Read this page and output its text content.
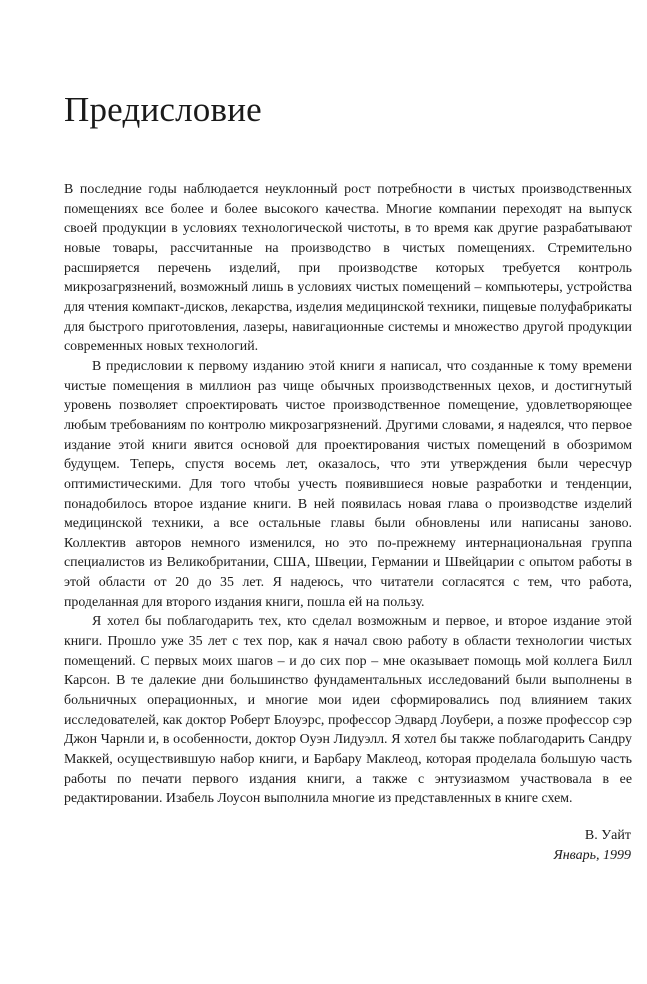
Предисловие

В последние годы наблюдается неуклонный рост потребности в чистых производственных помещениях все более и более высокого качества. Многие компании переходят на выпуск своей продукции в условиях технологической чистоты, в то время как другие разрабатывают новые товары, рассчитанные на производство в чистых помещениях. Стремительно расширяется перечень изделий, при производстве которых требуется контроль микрозагрязнений, возможный лишь в условиях чистых помещений – компьютеры, устройства для чтения компакт-дисков, лекарства, изделия медицинской техники, пищевые полуфабрикаты для быстрого приготовления, лазеры, навигационные системы и множество другой продукции современных новых технологий.

В предисловии к первому изданию этой книги я написал, что созданные к тому времени чистые помещения в миллион раз чище обычных производственных цехов, и достигнутый уровень позволяет спроектировать чистое производственное помещение, удовлетворяющее любым требованиям по контролю микрозагрязнений. Другими словами, я надеялся, что первое издание этой книги явится основой для проектирования чистых помещений в обозримом будущем. Теперь, спустя восемь лет, оказалось, что эти утверждения были чересчур оптимистическими. Для того чтобы учесть появившиеся новые разработки и тенденции, понадобилось второе издание книги. В ней появилась новая глава о производстве изделий медицинской техники, а все остальные главы были обновлены или написаны заново. Коллектив авторов немного изменился, но это по-прежнему интернациональная группа специалистов из Великобритании, США, Швеции, Германии и Швейцарии с опытом работы в этой области от 20 до 35 лет. Я надеюсь, что читатели согласятся с тем, что работа, проделанная для второго издания книги, пошла ей на пользу.

Я хотел бы поблагодарить тех, кто сделал возможным и первое, и второе издание этой книги. Прошло уже 35 лет с тех пор, как я начал свою работу в области технологии чистых помещений. С первых моих шагов – и до сих пор – мне оказывает помощь мой коллега Билл Карсон. В те далекие дни большинство фундаментальных исследований были выполнены в больничных операционных, и многие мои идеи сформировались под влиянием таких исследователей, как доктор Роберт Блоуэрс, профессор Эдвард Лоубери, а позже профессор сэр Джон Чарнли и, в особенности, доктор Оуэн Лидуэлл. Я хотел бы также поблагодарить Сандру Маккей, осуществившую набор книги, и Барбару Маклеод, которая проделала большую часть работы по печати первого издания книги, а также с энтузиазмом участвовала в ее редактировании. Изабель Лоусон выполнила многие из представленных в книге схем.

В. Уайт
Январь, 1999
